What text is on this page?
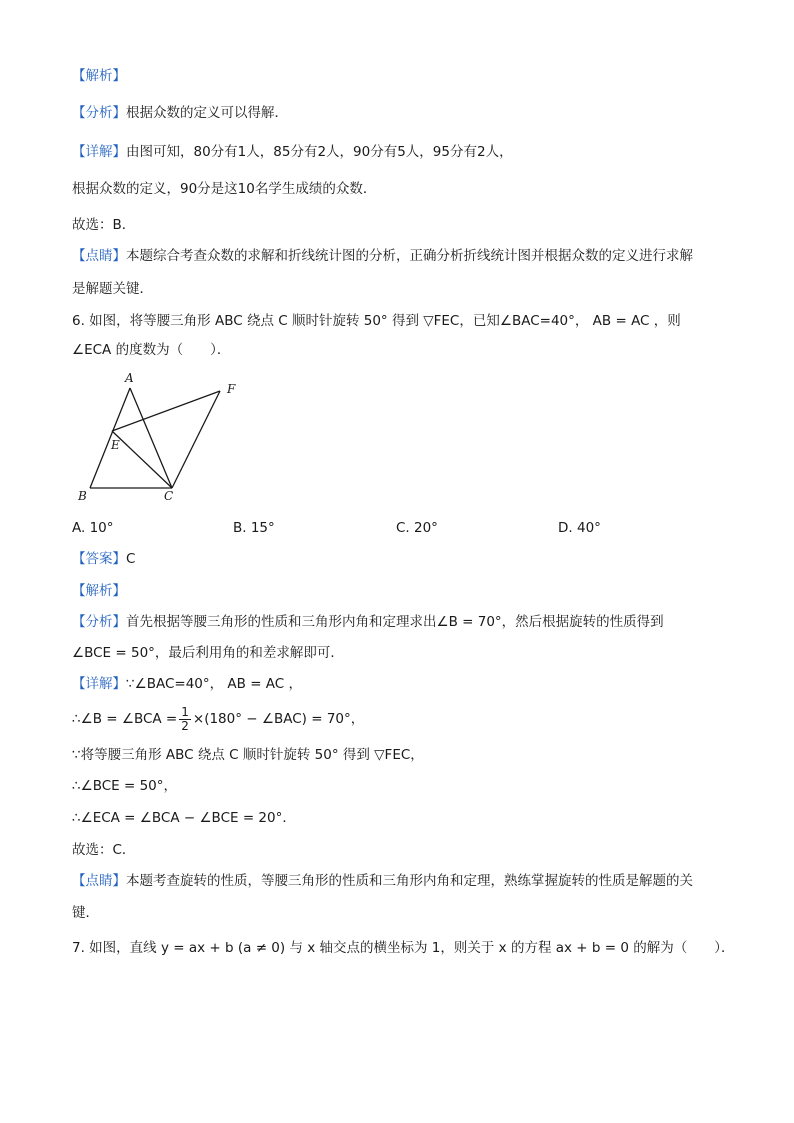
【解析】
【分析】根据众数的定义可以得解．
【详解】由图可知，80分有1人，85分有2人，90分有5人，95分有2人，
根据众数的定义，90分是这10名学生成绩的众数．
故选：B．
【点睛】本题综合考查众数的求解和折线统计图的分析，正确分析折线统计图并根据众数的定义进行求解
是解题关键．
6. 如图，将等腰三角形 ABC 绕点 C 顺时针旋转 50° 得到 ▽FEC，已知∠BAC=40°， AB = AC ，则
∠ECA 的度数为（　　）．
A
B	C
E
F
A. 10°	B. 15°	C. 20°	D. 40°
【答案】C
【解析】
【分析】首先根据等腰三角形的性质和三角形内角和定理求出∠B = 70°，然后根据旋转的性质得到
∠BCE = 50°，最后利用角的和差求解即可．
【详解】∵∠BAC=40°， AB = AC ，
∴∠B = ∠BCA = $\frac{1}{2} \times(180^\circ$ − ∠BAC) = 70°，
∵将等腰三角形 ABC 绕点 C 顺时针旋转 50° 得到 ▽FEC，
∴∠BCE = 50°，
∴∠ECA = ∠BCA − ∠BCE = 20°．
故选：C．
【点睛】本题考查旋转的性质，等腰三角形的性质和三角形内角和定理，熟练掌握旋转的性质是解题的关
键．
7. 如图，直线 y = ax + b (a ≠ 0) 与 x 轴交点的横坐标为 1，则关于 x 的方程 ax + b = 0 的解为（　　）．
